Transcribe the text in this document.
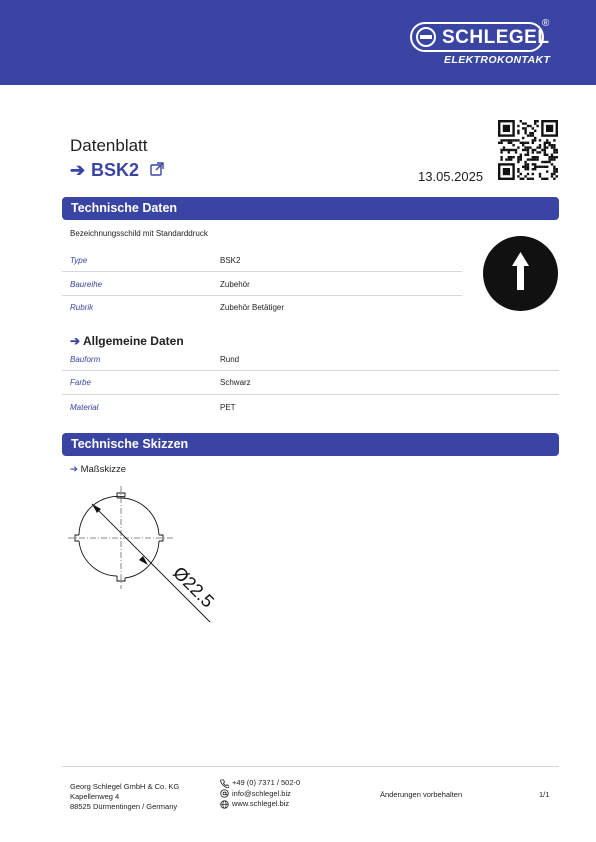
SCHLEGEL
®
ELEKTROKONTAKT
Datenblatt
➔ BSK2	13.05.2025
Technische Daten
Bezeichnungsschild mit Standarddruck
Type	BSK2
Baureihe	Zubehör
Rubrik	Zubehör Betätiger
➔ Allgemeine Daten
Bauform	Rund
Farbe	Schwarz
Material	PET
Technische Skizzen
➔ Maßskizze
Ø22.5
Georg Schlegel GmbH & Co. KG
Kapellenweg 4
88525 Dürmentingen / Germany
+49 (0) 7371 / 502-0
info@schlegel.biz
www.schlegel.biz
Änderungen vorbehalten	1/1
